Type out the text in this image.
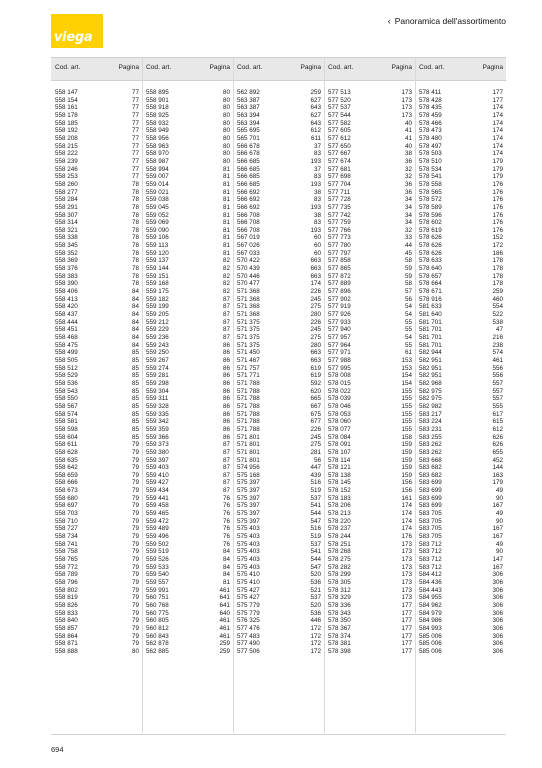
viega
‹ Panoramica dell'assortimento
Cod. art.	Pagina
558 147	77
558 154	77
558 161	77
558 178	77
558 185	77
558 192	77
558 208	77
558 215	77
558 222	77
558 239	77
558 246	77
558 253	77
558 260	78
558 277	78
558 284	78
558 291	78
558 307	78
558 314	78
558 321	78
558 338	78
558 345	78
558 352	78
558 369	78
558 376	78
558 383	78
558 390	78
558 406	84
558 413	84
558 420	84
558 437	84
558 444	84
558 451	84
558 468	84
558 475	84
558 499	85
558 505	85
558 512	85
558 529	85
558 536	85
558 543	85
558 550	85
558 567	85
558 574	85
558 581	85
558 598	85
558 604	85
558 611	79
558 628	79
558 635	79
558 642	79
558 659	79
558 666	79
558 673	79
558 680	79
558 697	79
558 703	79
558 710	79
558 727	79
558 734	79
558 741	79
558 758	79
558 765	79
558 772	79
558 789	79
558 796	79
558 802	79
558 819	79
558 826	79
558 833	79
558 840	79
558 857	79
558 864	79
558 871	79
558 888	80
Cod. art.	Pagina
558 895	80
558 901	80
558 918	80
558 925	80
558 932	80
558 949	80
558 956	80
558 963	80
558 970	80
558 987	80
558 994	81
559 007	81
559 014	81
559 021	81
559 038	81
559 045	81
559 052	81
559 069	81
559 090	81
559 106	81
559 113	81
559 120	81
559 137	82
559 144	82
559 151	82
559 168	82
559 175	82
559 182	87
559 199	87
559 205	87
559 212	87
559 229	87
559 236	87
559 243	86
559 250	86
559 267	86
559 274	86
559 281	86
559 298	86
559 304	86
559 311	86
559 328	86
559 335	86
559 342	86
559 359	86
559 366	86
559 373	87
559 380	87
559 397	87
559 403	87
559 410	87
559 427	87
559 434	87
559 441	76
559 458	76
559 465	76
559 472	76
559 489	76
559 496	76
559 502	76
559 519	84
559 526	84
559 533	84
559 540	84
559 557	81
559 991	461
560 751	641
560 768	641
560 775	640
560 805	461
560 812	461
560 843	461
562 878	259
562 885	259
Cod. art.	Pagina
562 892	259
563 387	627
563 387	643
563 394	627
563 394	643
565 695	612
565 701	611
566 678	37
566 678	83
566 685	193
566 685	37
566 685	83
566 685	193
566 692	38
566 692	83
566 692	193
566 708	38
566 708	83
566 708	193
567 019	60
567 026	60
567 033	60
570 422	663
570 439	663
570 446	663
570 477	174
571 368	226
571 368	245
571 368	275
571 368	280
571 375	226
571 375	245
571 375	275
571 375	280
571 450	663
571 467	663
571 757	619
571 771	619
571 788	592
571 788	620
571 788	665
571 788	667
571 788	675
571 788	677
571 788	226
571 801	245
571 801	275
571 801	281
571 801	56
574 956	447
575 168	439
575 397	516
575 397	519
575 397	537
575 397	541
575 397	544
575 397	547
575 403	516
575 403	519
575 403	537
575 403	541
575 403	544
575 403	547
575 410	520
575 410	536
575 427	521
575 427	537
575 779	520
575 779	536
576 325	446
577 476	172
577 483	172
577 490	172
577 506	172
Cod. art.	Pagina
577 513	173
577 520	173
577 537	173
577 544	173
577 582	40
577 605	41
577 612	41
577 650	40
577 667	38
577 674	36
577 681	32
577 698	32
577 704	36
577 711	36
577 728	34
577 735	34
577 742	34
577 759	34
577 766	32
577 773	33
577 780	44
577 797	45
577 858	58
577 865	59
577 872	59
577 889	58
577 896	57
577 902	56
577 919	54
577 926	54
577 933	55
577 940	55
577 957	54
577 964	55
577 971	61
577 988	153
577 995	153
578 008	154
578 015	154
578 022	155
578 039	155
578 046	155
578 053	155
578 060	155
578 077	155
578 084	158
578 091	159
578 107	159
578 114	159
578 121	159
578 138	159
578 145	156
578 152	156
578 183	161
578 206	174
578 213	174
578 220	174
578 237	174
578 244	176
578 251	173
578 268	173
578 275	173
578 282	173
578 299	173
578 305	173
578 312	173
578 329	173
578 336	177
578 343	177
578 350	177
578 367	177
578 374	177
578 381	177
578 398	177
Cod. art.	Pagina
578 411	177
578 428	177
578 435	174
578 459	174
578 466	174
578 473	174
578 480	174
578 497	174
578 503	174
578 510	179
578 534	179
578 541	179
578 558	176
578 565	176
578 572	176
578 589	176
578 596	176
578 602	176
578 619	176
578 626	152
578 626	172
578 626	186
578 633	178
578 640	178
578 657	178
578 664	178
578 671	259
578 916	460
581 633	554
581 640	522
581 701	538
581 701	47
581 701	216
581 701	238
582 944	574
582 951	461
582 951	556
582 951	556
582 968	557
582 975	557
582 975	557
582 982	555
583 217	617
583 224	615
583 231	612
583 255	626
583 262	626
583 262	655
583 668	452
583 682	144
583 682	163
583 699	179
583 699	49
583 699	90
583 699	167
583 705	49
583 705	90
583 705	167
583 705	167
583 712	49
583 712	90
583 712	147
583 712	167
584 412	306
584 436	306
584 443	306
584 955	306
584 962	306
584 979	306
584 986	306
584 993	306
585 006	306
585 006	306
585 006	306
694
